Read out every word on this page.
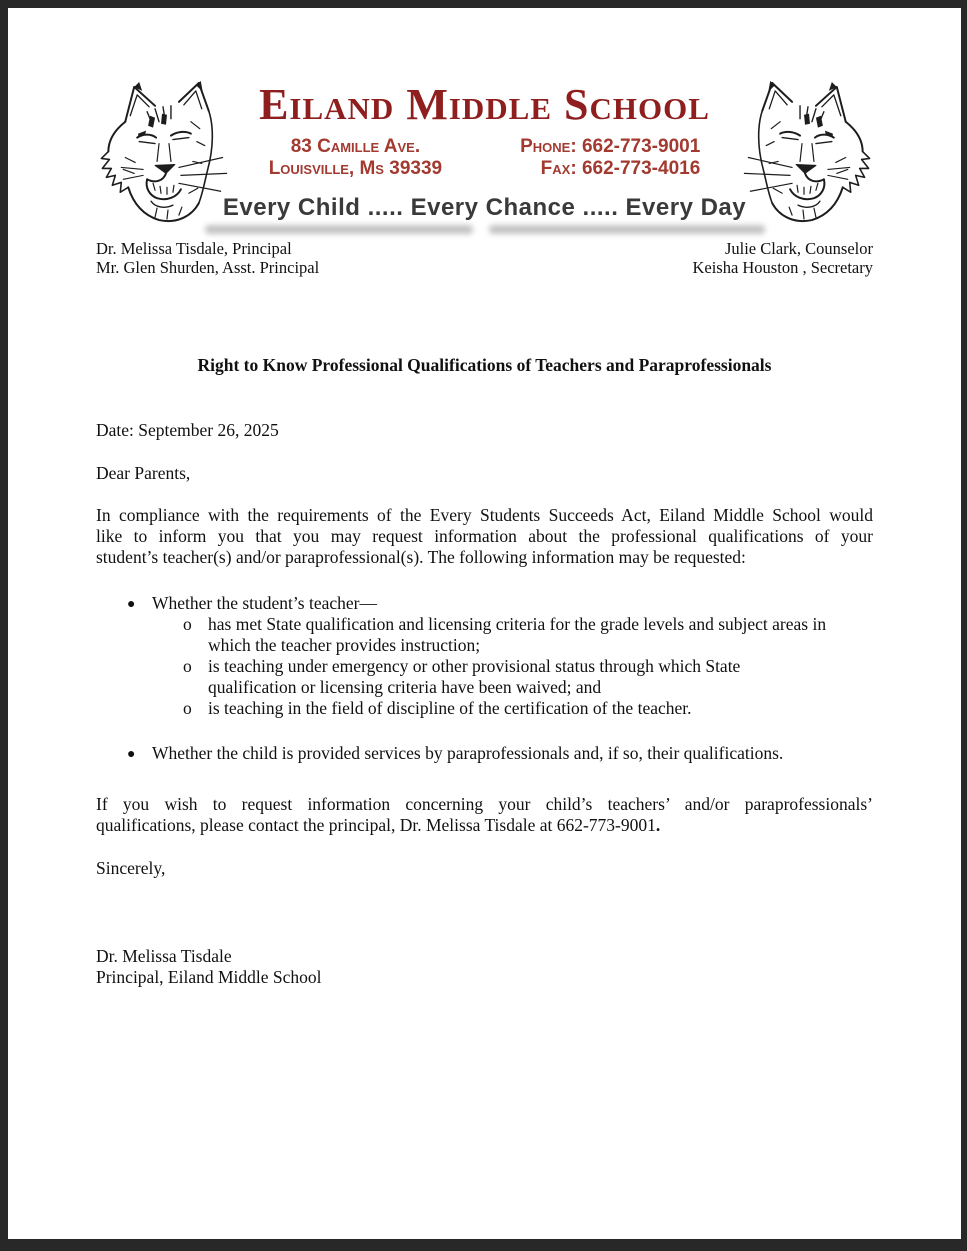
Eiland Middle School
83 Camille Ave.
Louisville, Ms 39339
Phone: 662-773-9001
Fax: 662-773-4016
Every Child ..... Every Chance ..... Every Day
Dr. Melissa Tisdale, Principal
Mr. Glen Shurden, Asst. Principal
Julie Clark, Counselor
Keisha Houston , Secretary
Right to Know Professional Qualifications of Teachers and Paraprofessionals
Date: September 26, 2025
Dear Parents,
In compliance with the requirements of the Every Students Succeeds Act, Eiland Middle School would
like to inform you that you may request information about the professional qualifications of your
student’s teacher(s) and/or paraprofessional(s). The following information may be requested:
● Whether the student’s teacher—
o has met State qualification and licensing criteria for the grade levels and subject areas in
which the teacher provides instruction;
o is teaching under emergency or other provisional status through which State
qualification or licensing criteria have been waived; and
o is teaching in the field of discipline of the certification of the teacher.
● Whether the child is provided services by paraprofessionals and, if so, their qualifications.
If you wish to request information concerning your child’s teachers’ and/or paraprofessionals’
qualifications, please contact the principal, Dr. Melissa Tisdale at 662-773-9001.
Sincerely,
Dr. Melissa Tisdale
Principal, Eiland Middle School
